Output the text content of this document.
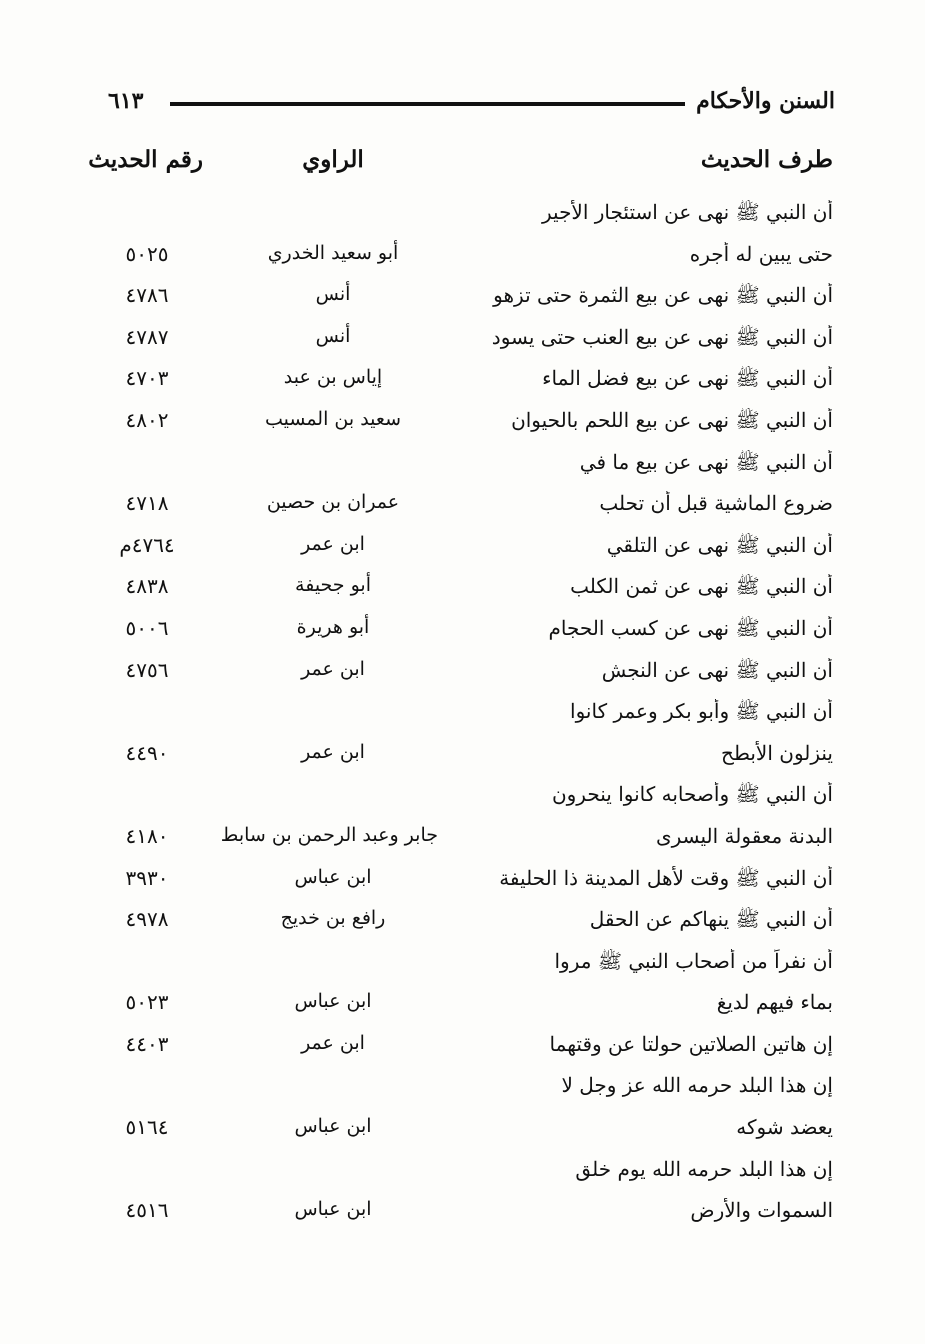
السنن والأحكام
٦١٣
طرف الحديث
الراوي
رقم الحديث
أن النبي ﷺ نهى عن استئجار الأجير
حتى يبين له أجره
أبو سعيد الخدري
٥٠٢٥
أن النبي ﷺ نهى عن بيع الثمرة حتى تزهو
أنس
٤٧٨٦
أن النبي ﷺ نهى عن بيع العنب حتى يسود
أنس
٤٧٨٧
أن النبي ﷺ نهى عن بيع فضل الماء
إياس بن عبد
٤٧٠٣
أن النبي ﷺ نهى عن بيع اللحم بالحيوان
سعيد بن المسيب
٤٨٠٢
أن النبي ﷺ نهى عن بيع ما في
ضروع الماشية قبل أن تحلب
عمران بن حصين
٤٧١٨
أن النبي ﷺ نهى عن التلقي
ابن عمر
٤٧٦٤م
أن النبي ﷺ نهى عن ثمن الكلب
أبو جحيفة
٤٨٣٨
أن النبي ﷺ نهى عن كسب الحجام
أبو هريرة
٥٠٠٦
أن النبي ﷺ نهى عن النجش
ابن عمر
٤٧٥٦
أن النبي ﷺ وأبو بكر وعمر كانوا
ينزلون الأبطح
ابن عمر
٤٤٩٠
أن النبي ﷺ وأصحابه كانوا ينحرون
البدنة معقولة اليسرى
جابر وعبد الرحمن بن سابط
٤١٨٠
أن النبي ﷺ وقت لأهل المدينة ذا الحليفة
ابن عباس
٣٩٣٠
أن النبي ﷺ ينهاكم عن الحقل
رافع بن خديج
٤٩٧٨
أن نفراً من أصحاب النبي ﷺ مروا
بماء فيهم لديغ
ابن عباس
٥٠٢٣
إن هاتين الصلاتين حولتا عن وقتهما
ابن عمر
٤٤٠٣
إن هذا البلد حرمه الله عز وجل لا
يعضد شوكه
ابن عباس
٥١٦٤
إن هذا البلد حرمه الله يوم خلق
السموات والأرض
ابن عباس
٤٥١٦
